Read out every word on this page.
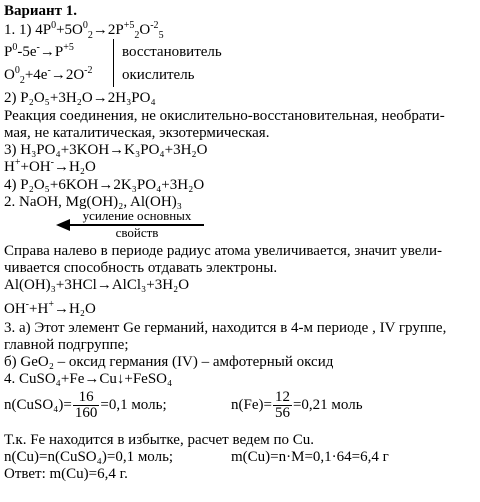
Вариант 1.
1. 1) $4P^0+5O^0_2\to 2P^{+5}_2O^{-2}_5$
$P^0-5e^-\to P^{+5}$	восстановитель
$O^0_2+4e^-\to 2O^{-2}$ окислитель
2) P₂O₅+3H₂O→2H₃PO₄
Реакция соединения, не окислительно-восстановительная, необрати-
мая, не каталитическая, экзотермическая.
3) H₃PO₄+3KOH→K₃PO₄+3H₂O
H++OH-→H₂O
4) P₂O₅+6KOH→2K₃PO₄+3H₂O
2. NaOH, Mg(OH)₂, Al(OH)₃
усиление основных
свойств
Справа налево в периоде радиус атома увеличивается, значит увели-
чивается способность отдавать электроны.
Al(OH)₃+3HCl→AlCl₃+3H₂O
OH-+H+→H₂O
3. а) Этот элемент Ge германий, находится в 4-м периоде , IV группе,
главной подгруппе;
б) GeO₂ – оксид германия (IV) – амфотерный оксид
4. CuSO₄+Fe→Cu↓+FeSO₄
n(CuSO₄)= $\frac{16}{160} =0,1$ моль;	$n(Fe)= \frac{12}{56} =0,21$ моль
Т.к. Fe находится в избытке, расчет ведем по Cu.
n(Cu)=n(CuSO₄)=0,1 моль;	m(Cu)=n·M=0,1·64=6,4 г
Ответ: m(Cu)=6,4 г.
